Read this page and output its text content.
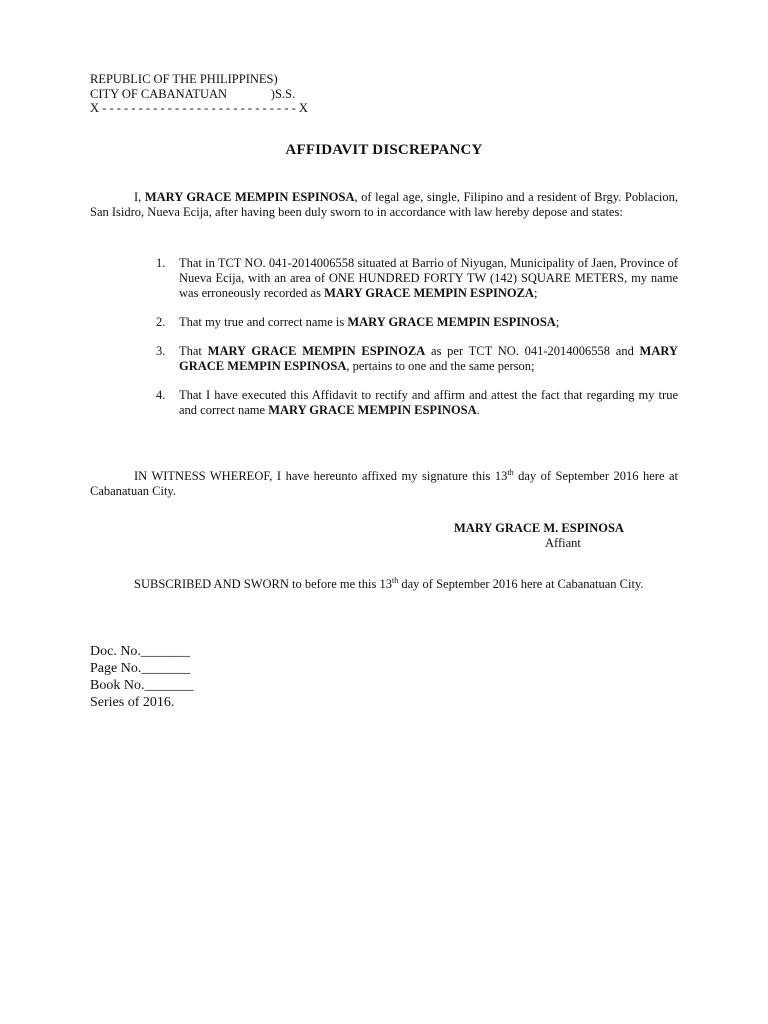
REPUBLIC OF THE PHILIPPINES)
CITY OF CABANATUAN              )S.S.
X - - - - - - - - - - - - - - - - - - - - - - - - - - - X
AFFIDAVIT DISCREPANCY
I, MARY GRACE MEMPIN ESPINOSA, of legal age, single, Filipino and a resident of Brgy. Poblacion, San Isidro, Nueva Ecija, after having been duly sworn to in accordance with law hereby depose and states:
1. That in TCT NO. 041-2014006558 situated at Barrio of Niyugan, Municipality of Jaen, Province of Nueva Ecija, with an area of ONE HUNDRED FORTY TW (142) SQUARE METERS, my name was erroneously recorded as MARY GRACE MEMPIN ESPINOZA;
2. That my true and correct name is MARY GRACE MEMPIN ESPINOSA;
3. That MARY GRACE MEMPIN ESPINOZA as per TCT NO. 041-2014006558 and MARY GRACE MEMPIN ESPINOSA, pertains to one and the same person;
4. That I have executed this Affidavit to rectify and affirm and attest the fact that regarding my true and correct name MARY GRACE MEMPIN ESPINOSA.
IN WITNESS WHEREOF, I have hereunto affixed my signature this 13th day of September 2016 here at Cabanatuan City.
MARY GRACE M. ESPINOSA
Affiant
SUBSCRIBED AND SWORN to before me this 13th day of September 2016 here at Cabanatuan City.
Doc. No._______
Page No._______
Book No._______
Series of 2016.
